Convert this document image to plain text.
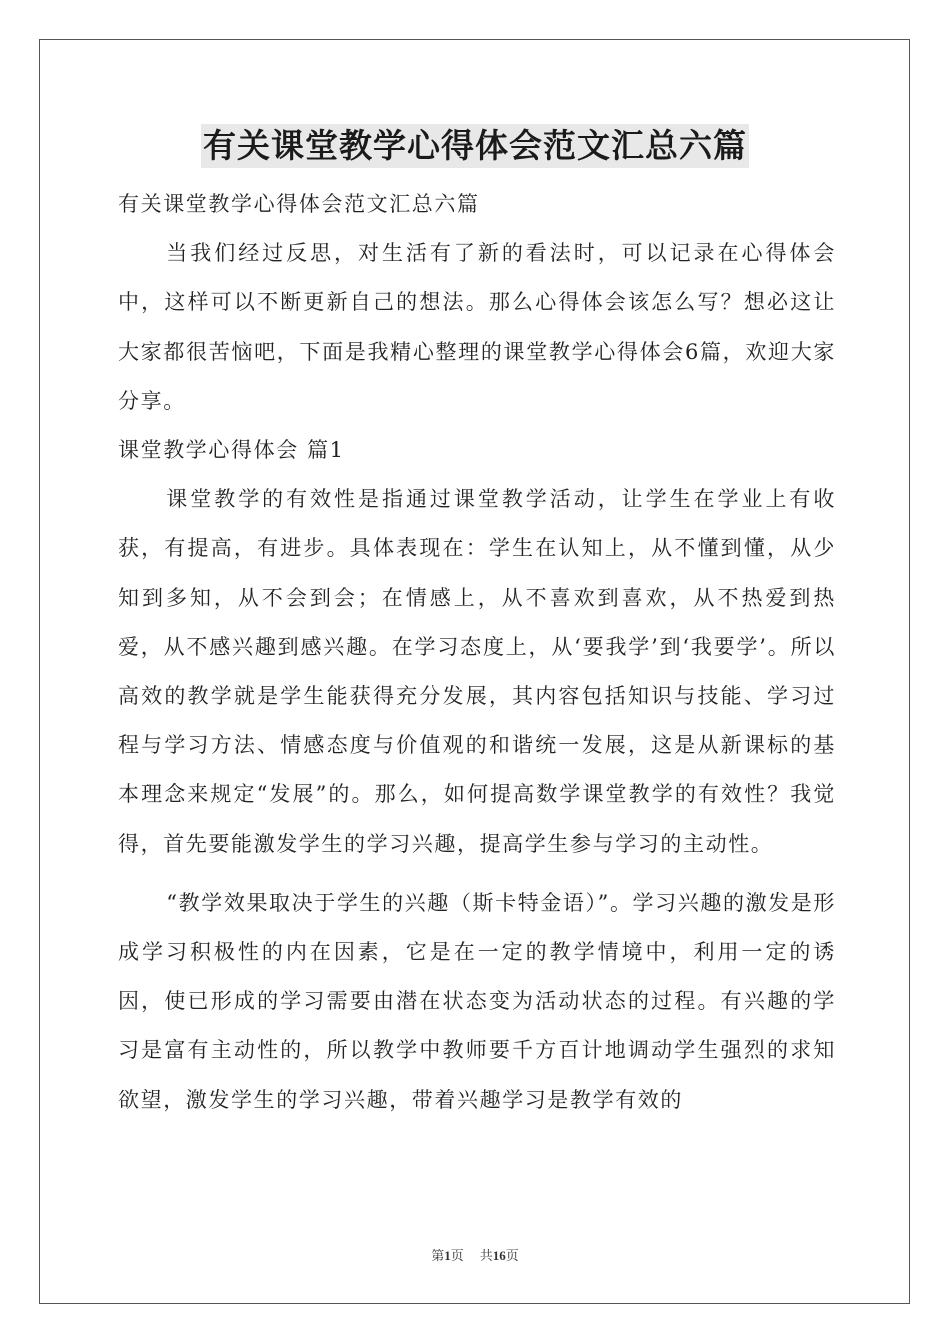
有关课堂教学心得体会范文汇总六篇

有关课堂教学心得体会范文汇总六篇

当我们经过反思，对生活有了新的看法时，可以记录在心得体会中，这样可以不断更新自己的想法。那么心得体会该怎么写？想必这让大家都很苦恼吧，下面是我精心整理的课堂教学心得体会6篇，欢迎大家分享。

课堂教学心得体会 篇1

课堂教学的有效性是指通过课堂教学活动，让学生在学业上有收获，有提高，有进步。具体表现在：学生在认知上，从不懂到懂，从少知到多知，从不会到会；在情感上，从不喜欢到喜欢，从不热爱到热爱，从不感兴趣到感兴趣。在学习态度上，从‘要我学’到‘我要学’。所以高效的教学就是学生能获得充分发展，其内容包括知识与技能、学习过程与学习方法、情感态度与价值观的和谐统一发展，这是从新课标的基本理念来规定“发展”的。那么，如何提高数学课堂教学的有效性？我觉得，首先要能激发学生的学习兴趣，提高学生参与学习的主动性。

“教学效果取决于学生的兴趣（斯卡特金语）”。学习兴趣的激发是形成学习积极性的内在因素，它是在一定的教学情境中，利用一定的诱因，使已形成的学习需要由潜在状态变为活动状态的过程。有兴趣的学习是富有主动性的，所以教学中教师要千方百计地调动学生强烈的求知欲望，激发学生的学习兴趣，带着兴趣学习是教学有效的

第1页 共16页
